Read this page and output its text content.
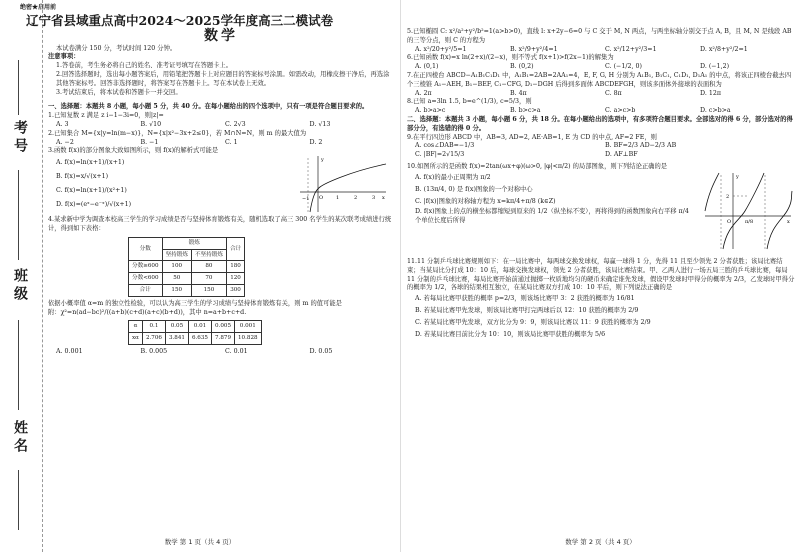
考号
班级
姓名
绝密★启用前
辽宁省县域重点高中2024～2025学年度高三二模试卷
数学

本试卷满分 150 分，考试时间 120 分钟。

注意事项：

1.答卷前，考生务必将自己的姓名、准考证号填写在答题卡上。

2.回答选择题时，选出每小题答案后，用铅笔把答题卡上对应题目的答案标号涂黑。如需改动，用橡皮擦干净后，再选涂其他答案标号。回答非选择题时，将答案写在答题卡上。写在本试卷上无效。

3.考试结束后，将本试卷和答题卡一并交回。

一、选择题：本题共 8 小题，每小题 5 分，共 40 分。在每小题给出的四个选项中，只有一项是符合题目要求的。

1.已知复数 z 满足 z i−1−3i=0，则|z|=

A. 3	B. √10	C. 2√3	D. √13

2.已知集合 M={x|y=ln(m−x)}，N={x|x²−3x+2≤0}，若 M∩N=N，则 m 的最大值为

A. −2	B. −1	C. 1	D. 2

3.函数 f(x)的部分图象大致如图所示，则 f(x)的解析式可能是

A. f(x)=ln(x+1)/(x+1)

B. f(x)=x/√(x+1)

C. f(x)=ln(x+1)/(x²+1)

D. f(x)=(eˣ−e⁻ˣ)/√(x+1)

−1 O	1	2	3 x
y

4.某求新中学为调查本校高三学生的学习成绩是否与坚持体育锻炼有关，随机选取了高三 300 名学生的某次联考成绩进行统计，得到如下表格：

分数	锻炼		合计
	坚持锻炼	不坚持锻炼	
分数≥600	100	80	180
分数<600	50	70	120
合计	150	150	300

依据小概率值 α=m 的独立性检验，可以认为高三学生的学习成绩与坚持体育锻炼有关，则 m 的值可能是

附：χ²=n(ad−bc)²/((a+b)(c+d)(a+c)(b+d))，其中 n=a+b+c+d.

α	0.1	0.05	0.01	0.005	0.001
xα	2.706	3.841	6.635	7.879	10.828
A. 0.001	B. 0.005	C. 0.01	D. 0.05
数学 第 1 页（共 4 页）

5.已知椭圆 C: x²/a²+y²/b²=1(a>b>0)，直线 l: x+2y−6=0 与 C 交于 M, N 两点，与两坐标轴分别交于点 A, B，且 M, N 是线段 AB 的三等分点，则 C 的方程为

A. x²/20+y²/5=1	B. x²/9+y²/4=1	C. x²/12+y²/3=1	D. x²/8+y²/2=1

6.已知函数 f(x)=x ln(2+x)/(2−x)，则不等式 f(x+1)>f(2x−1)的解集为

A. (0,1)	B. (0,2)	C. (−1/2, 0)	D. (−1,2)

7.在正四棱台 ABCD−A₁B₁C₁D₁ 中，A₁B₁=2AB=2AA₁=4，E, F, G, H 分别为 A₁B₁, B₁C₁, C₁D₁, D₁A₁ 的中点，将该正四棱台截去四个三棱锥 A₁−AEH, B₁−BEF, C₁−CFG, D₁−DGH 后得到多面体 ABCDEFGH，则该多面体外接球的表面积为

A. 2π	B. 4π	C. 8π	D. 12π

8.已知 a=3ln 1.5, b=e^(1/3), c=5/3，则

A. b>a>c	B. b>c>a	C. a>c>b	D. c>b>a

二、选择题：本题共 3 小题，每小题 6 分，共 18 分。在每小题给出的选项中，有多项符合题目要求。全部选对的得 6 分，部分选对的得部分分，有选错的得 0 分。

9.在平行四边形 ABCD 中，AB=3, AD=2, AE·AB=1, E 为 CD 的中点, AF=2 FE，则

A. cos∠DAB=−1/3	B. BF=2/3 AD−2/3 AB
C. |BF|=2√15/3	D. AF⊥BF

10.如图所示的是函数 f(x)=2tan(ωx+φ)(ω>0, |φ|<π/2) 的局部图象，则下列结论正确的是

A. f(x)的最小正周期为 π/2

B. (13π/4, 0) 是 f(x)图象的一个对称中心

C. |f(x)|图象的对称轴方程为 x=kπ/4+π/8 (k∈Z)

D. f(x)图象上的点的横坐标都缩短到原来的 1/2（纵坐标不变），再将得到的函数图象向右平移 π/4 个单位长度后所得

y
2
O	π/8	x

11.11 分制乒乓球比赛规则如下：在一局比赛中，每两球交换发球权，每赢一球得 1 分，先得 11 且至少领先 2 分者获胜；该局比赛结束；当某局比分打成 10：10 后，每球交换发球权，领先 2 分者获胜，该局比赛结束。甲、乙两人进行一场五局三胜的乒乓球比赛，每局 11 分制的乒乓球比赛，每局比赛开始前通过抛掷一枚质地均匀的硬币来确定谁先发球，假设甲发球时甲得分的概率为 2/3，乙发球时甲得分的概率为 1/2，各球的结果相互独立，在某局比赛双方打成 10：10 平后，则下列说法正确的是

A. 若每局比赛甲获胜的概率 p=2/3，则该场比赛甲 3：2 获胜的概率为 16/81

B. 若某局比赛甲先发球，则该局比赛甲打完两球后以 12：10 获胜的概率为 2/9

C. 若某局比赛甲先发球，双方比分为 9：9，则该局比赛以 11：9 获胜的概率为 2/9

D. 若某局比赛目前比分为 10：10，则该局比赛甲获胜的概率为 5/6

数学 第 2 页（共 4 页）
